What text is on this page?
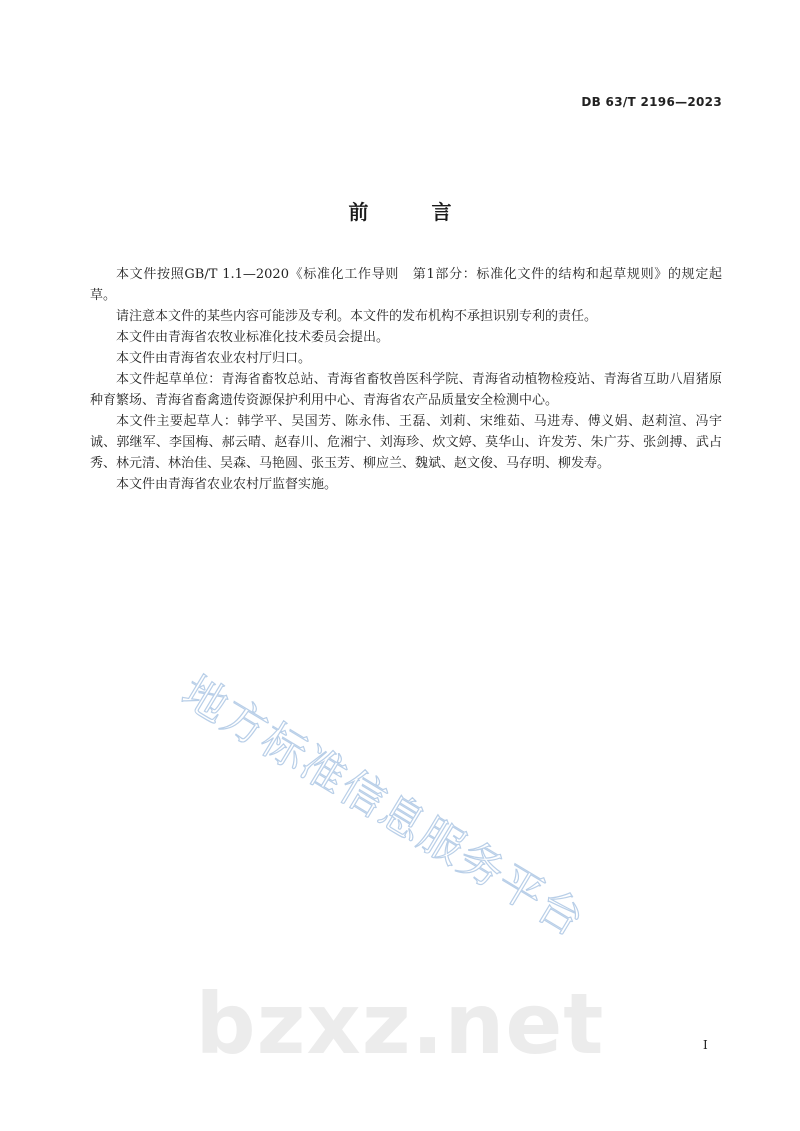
DB 63/T 2196—2023
前 言

本文件按照GB/T 1.1—2020《标准化工作导则　第1部分：标准化文件的结构和起草规则》的规定起草。

请注意本文件的某些内容可能涉及专利。本文件的发布机构不承担识别专利的责任。

本文件由青海省农牧业标准化技术委员会提出。

本文件由青海省农业农村厅归口。

本文件起草单位：青海省畜牧总站、青海省畜牧兽医科学院、青海省动植物检疫站、青海省互助八眉猪原种育繁场、青海省畜禽遗传资源保护利用中心、青海省农产品质量安全检测中心。

本文件主要起草人：韩学平、吴国芳、陈永伟、王磊、刘莉、宋维茹、马进寿、傅义娟、赵莉渲、冯宇诚、郭继军、李国梅、郝云晴、赵春川、危湘宁、刘海珍、炊文婷、莫华山、许发芳、朱广芬、张剑搏、武占秀、林元清、林治佳、吴森、马艳圆、张玉芳、柳应兰、魏斌、赵文俊、马存明、柳发寿。

本文件由青海省农业农村厅监督实施。

地方标准信息服务平台
bzxz.net	I
